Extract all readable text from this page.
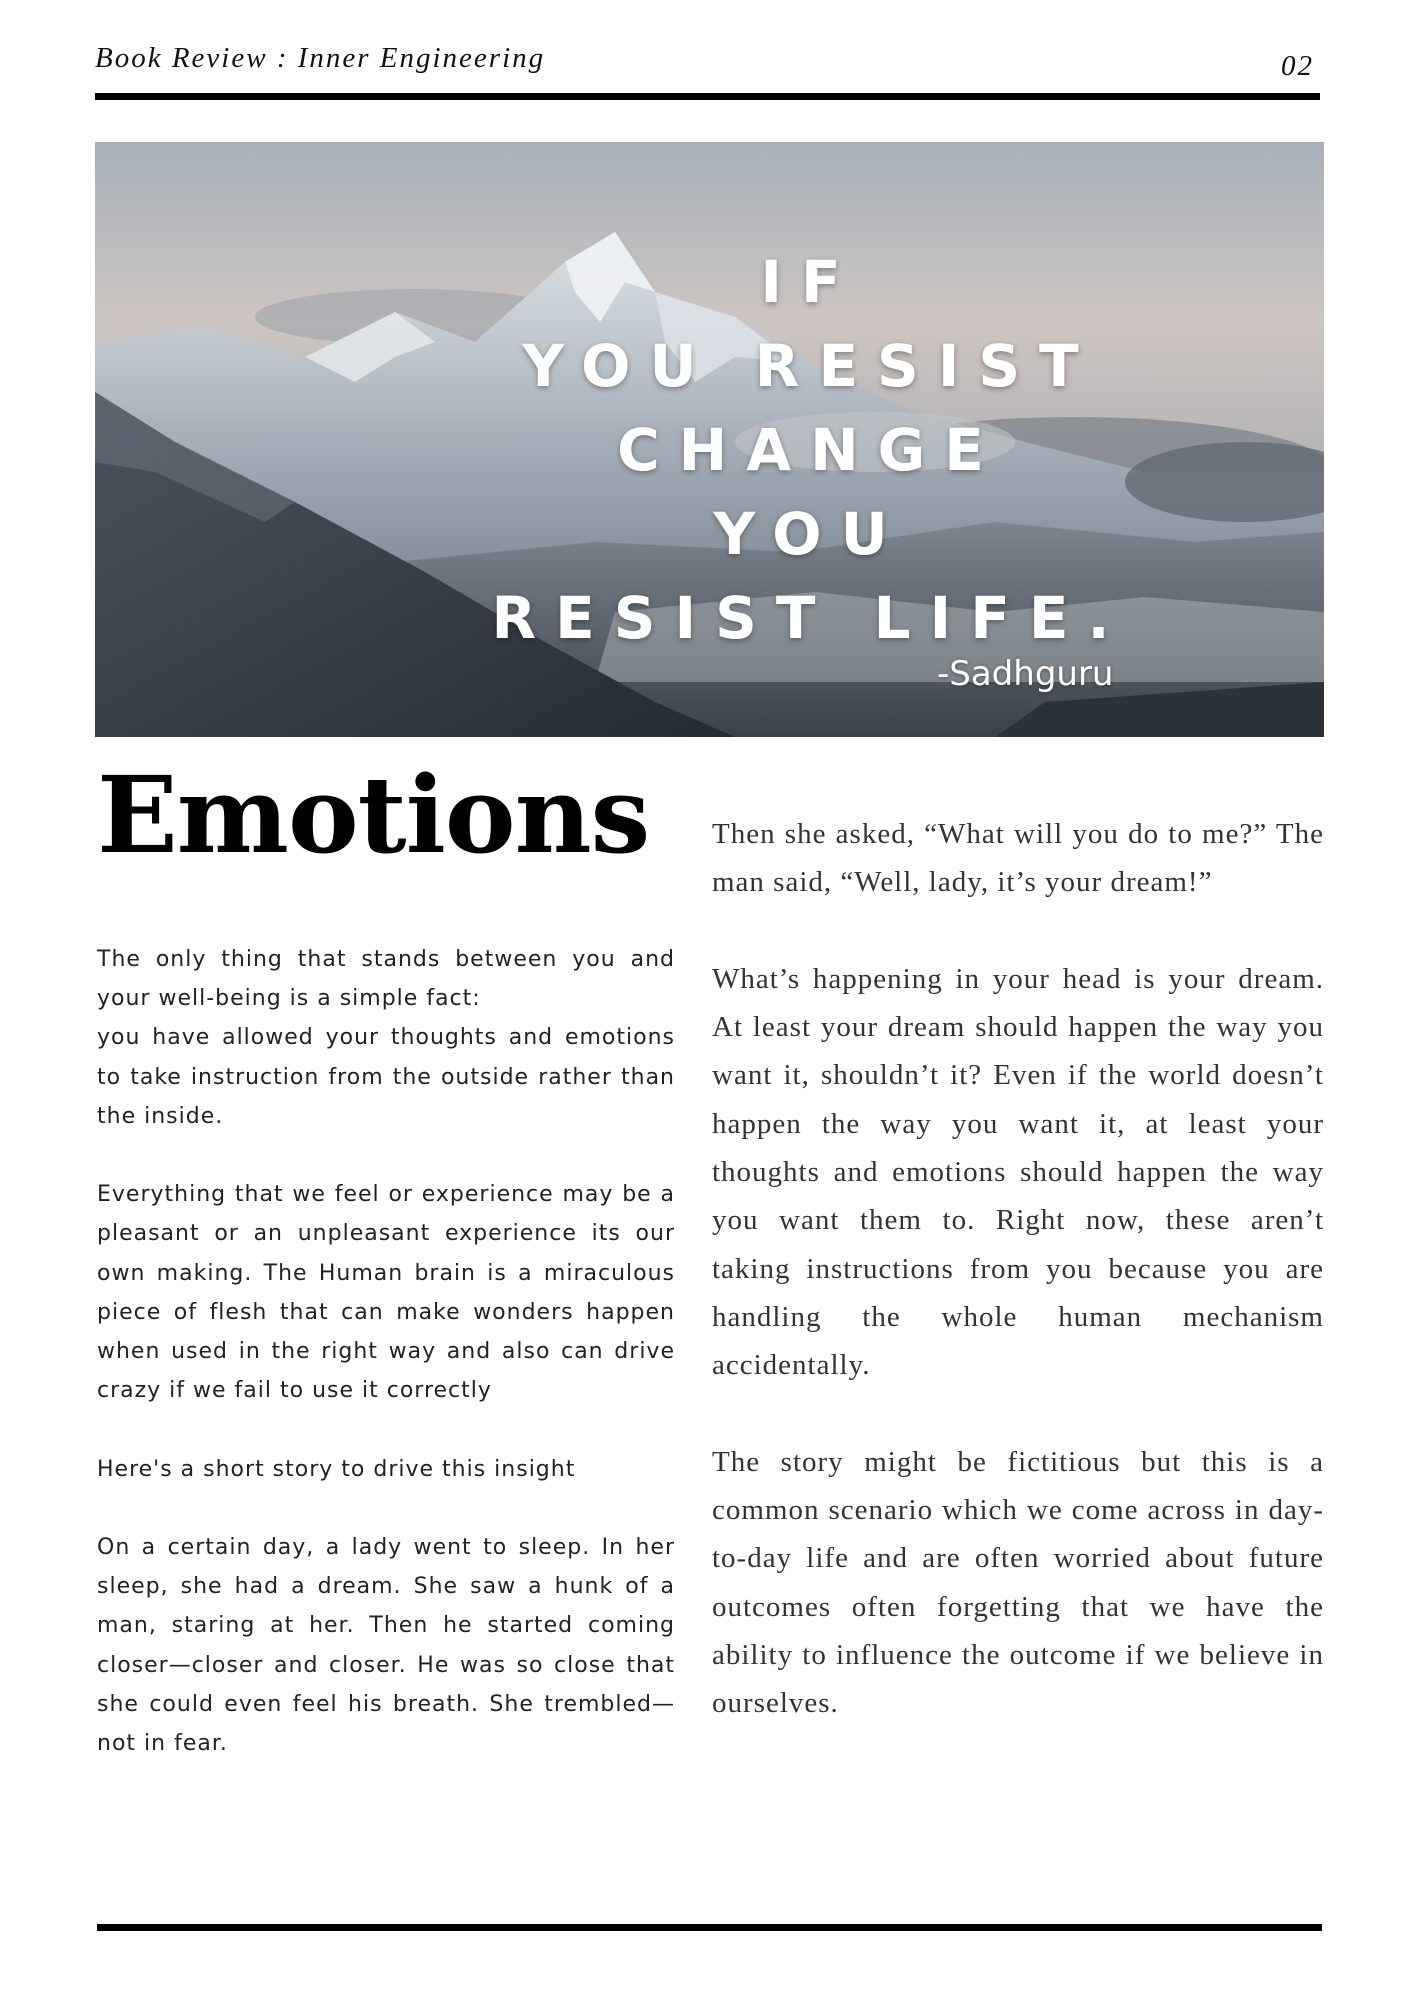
Book Review : Inner Engineering	02
IF
YOU RESIST
CHANGE
YOU
RESIST LIFE.
-Sadhguru
Emotions

The only thing that stands between you and your well-being is a simple fact:

you have allowed your thoughts and emotions to take instruction from the outside rather than the inside.

Everything that we feel or experience may be a pleasant or an unpleasant experience its our own making. The Human brain is a miraculous piece of flesh that can make wonders happen when used in the right way and also can drive crazy if we fail to use it correctly

Here's a short story to drive this insight

On a certain day, a lady went to sleep. In her sleep, she had a dream. She saw a hunk of a man, staring at her. Then he started coming closer—closer and closer. He was so close that she could even feel his breath. She trembled—not in fear.

Then she asked, “What will you do to me?” The man said, “Well, lady, it’s your dream!”

What’s happening in your head is your dream. At least your dream should happen the way you want it, shouldn’t it? Even if the world doesn’t happen the way you want it, at least your thoughts and emotions should happen the way you want them to. Right now, these aren’t taking instructions from you because you are handling the whole human mechanism accidentally.

The story might be fictitious but this is a common scenario which we come across in day-to-day life and are often worried about future outcomes often forgetting that we have the ability to influence the outcome if we believe in ourselves.
